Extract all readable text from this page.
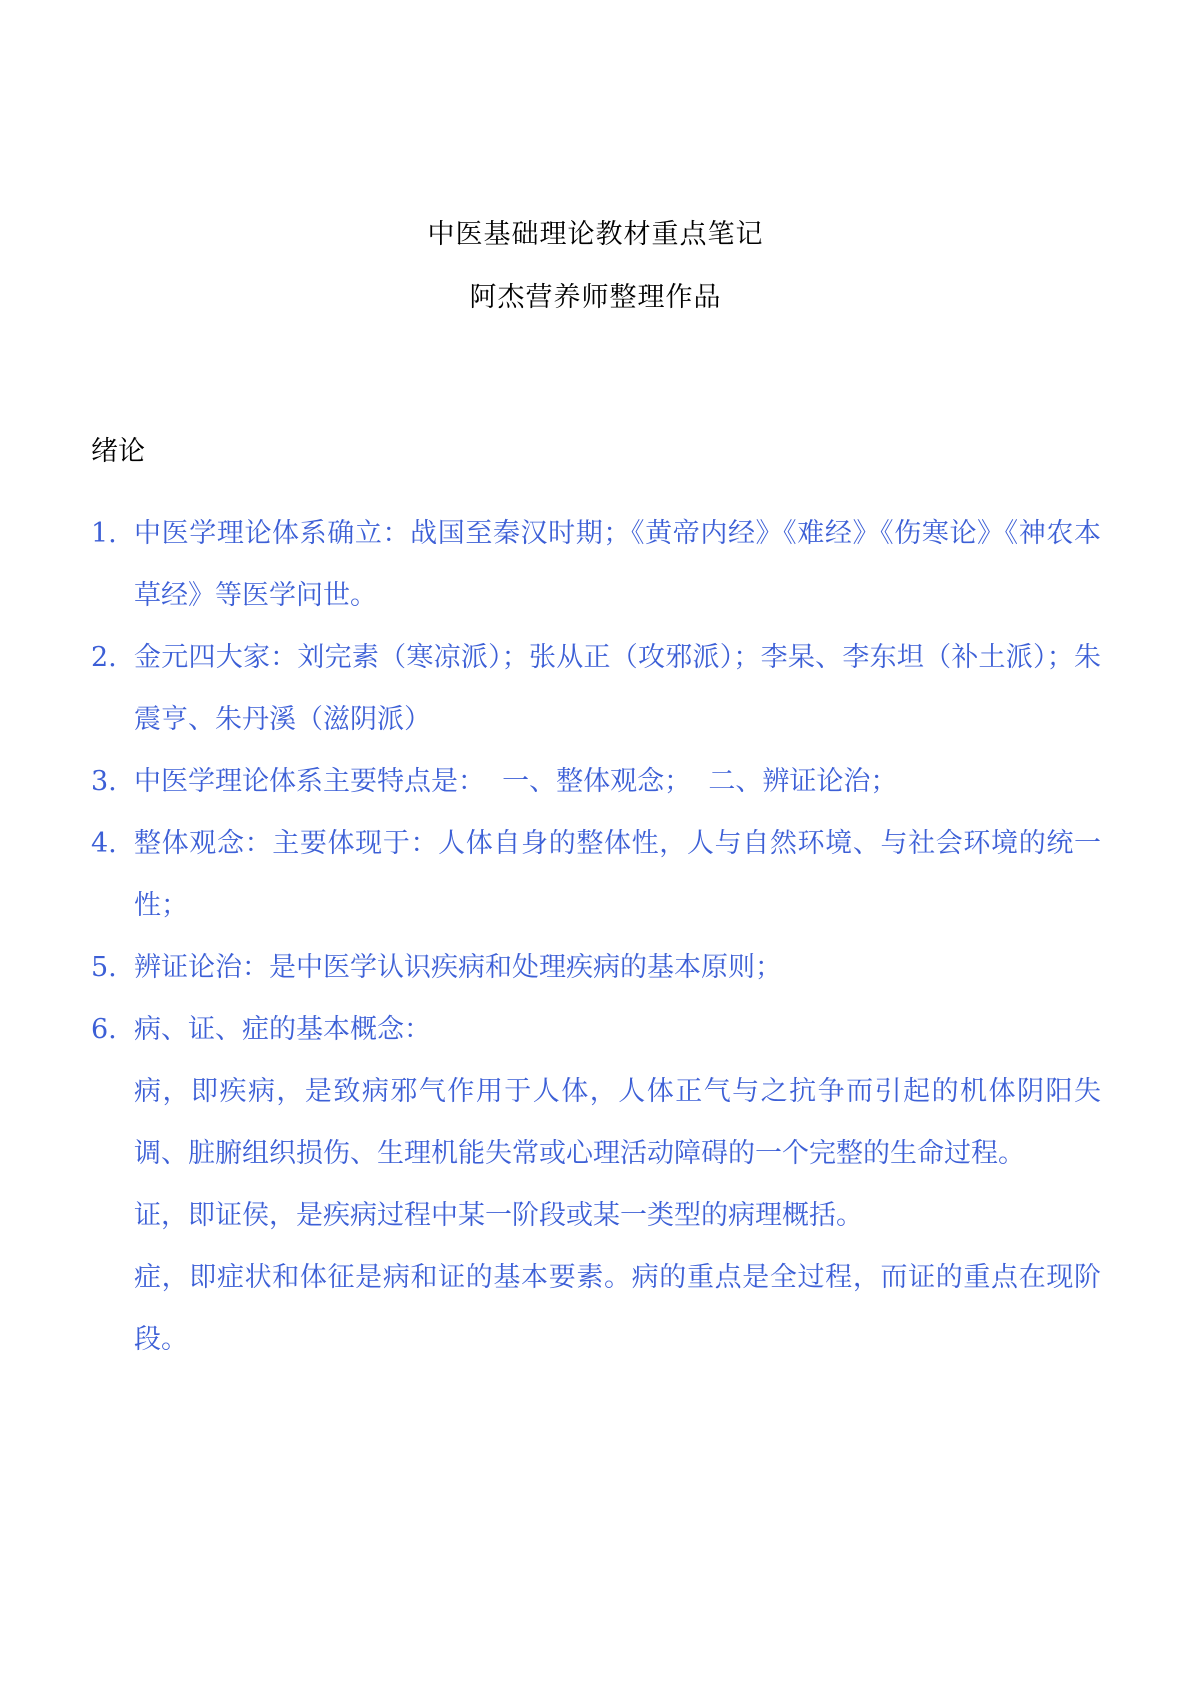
中医基础理论教材重点笔记
阿杰营养师整理作品
绪论
1. 中医学理论体系确立：战国至秦汉时期；《黄帝内经》《难经》《伤寒论》《神农本草经》等医学问世。
2. 金元四大家：刘完素（寒凉派）；张从正（攻邪派）；李杲、李东坦（补土派）；朱震亨、朱丹溪（滋阴派）
3. 中医学理论体系主要特点是：  一、整体观念；  二、辨证论治；
4. 整体观念：主要体现于：人体自身的整体性，人与自然环境、与社会环境的统一性；
5. 辨证论治：是中医学认识疾病和处理疾病的基本原则；
6. 病、证、症的基本概念：
病，即疾病，是致病邪气作用于人体，人体正气与之抗争而引起的机体阴阳失调、脏腑组织损伤、生理机能失常或心理活动障碍的一个完整的生命过程。
证，即证侯，是疾病过程中某一阶段或某一类型的病理概括。
症，即症状和体征是病和证的基本要素。病的重点是全过程，而证的重点在现阶段。
